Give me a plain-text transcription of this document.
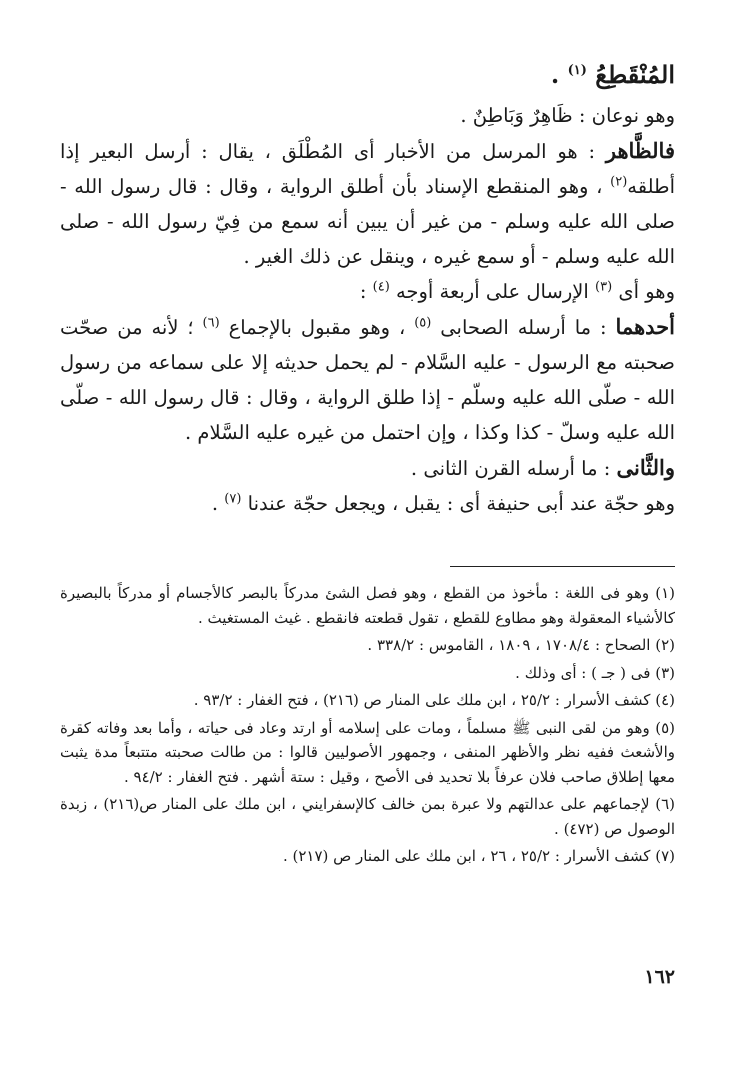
المُنْقَطِعُ $^{(١)}$ .

وهو نوعان : ظَاهِرٌ وَبَاطِنٌ .

فالظَّاهر : هو المرسل من الأخبار أى المُطْلَق ، يقال : أرسل البعير إذا أطلقه$^{(٢)}$ ، وهو المنقطع الإسناد بأن أطلق الرواية ، وقال : قال رسول الله - صلى الله عليه وسلم - من غير أن يبين أنه سمع من فِيّ رسول الله - صلى الله عليه وسلم - أو سمع غيره ، وينقل عن ذلك الغير .

وهو أى $^{(٣)}$ الإرسال على أربعة أوجه $^{(٤)}$ :

أحدهما : ما أرسله الصحابى $^{(٥)}$ ، وهو مقبول بالإجماع $^{(٦)}$ ؛ لأنه من صحّت صحبته مع الرسول - عليه السَّلام - لم يحمل حديثه إلا على سماعه من رسول الله - صلّى الله عليه وسلّم - إذا طلق الرواية ، وقال : قال رسول الله - صلّى الله عليه وسلّ - كذا وكذا ، وإن احتمل من غيره عليه السَّلام .

والثَّانى : ما أرسله القرن الثانى .

وهو حجّة عند أبى حنيفة أى : يقبل ، ويجعل حجّة عندنا $^{(٧)}$ .

(١) وهو فى اللغة : مأخوذ من القطع ، وهو فصل الشئ مدركاً بالبصر كالأجسام أو مدركاً بالبصيرة كالأشياء المعقولة وهو مطاوع للقطع ، تقول قطعته فانقطع . غيث المستغيث .

(٢) الصحاح : ١٧٠٨/٤ ، ١٨٠٩ ، القاموس : ٣٣٨/٢ .

(٣) فى ( جـ ) : أى وذلك .

(٤) كشف الأسرار : ٢٥/٢ ، ابن ملك على المنار ص (٢١٦) ، فتح الغفار : ٩٣/٢ .

(٥) وهو من لقى النبى ﷺ مسلماً ، ومات على إسلامه أو ارتد وعاد فى حياته ، وأما بعد وفاته كقرة والأشعث ففيه نظر والأظهر المنفى ، وجمهور الأصوليين قالوا : من طالت صحبته متتبعاً مدة يثبت معها إطلاق صاحب فلان عرفاً بلا تحديد فى الأصح ، وقيل : ستة أشهر . فتح الغفار : ٩٤/٢ .

(٦) لإجماعهم على عدالتهم ولا عبرة بمن خالف كالإسفرايني ، ابن ملك على المنار ص(٢١٦) ، زبدة الوصول ص (٤٧٢) .

(٧) كشف الأسرار : ٢٥/٢ ، ٢٦ ، ابن ملك على المنار ص (٢١٧) .

١٦٢
